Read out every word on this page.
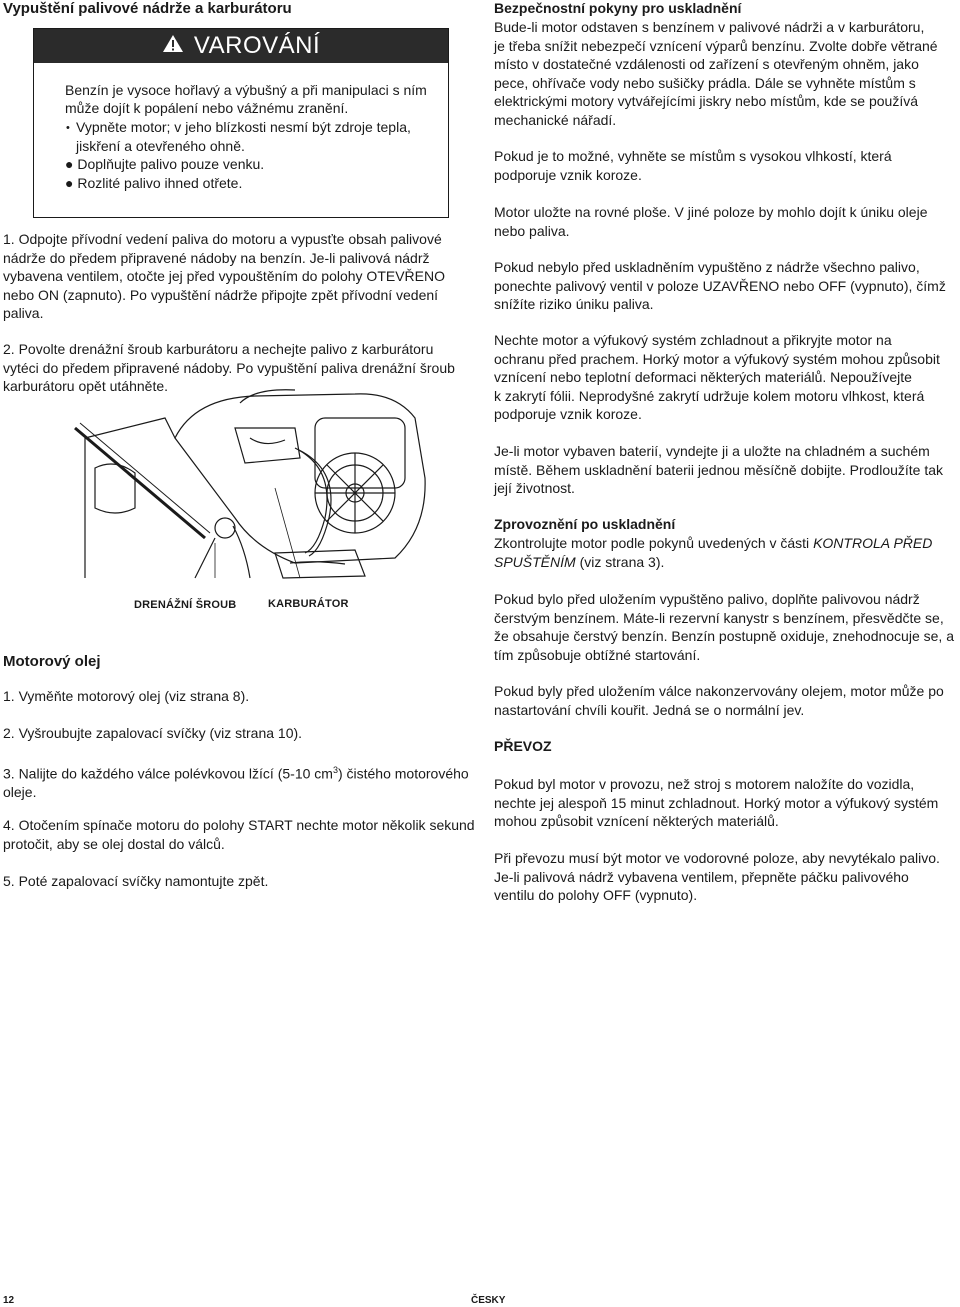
Vypuštění palivové nádrže a karburátoru
VAROVÁNÍ
Benzín je vysoce hořlavý a výbušný a při manipulaci s ním
může dojít k popálení nebo vážnému zranění.
• Vypněte motor; v jeho blízkosti nesmí být zdroje tepla,
jiskření a otevřeného ohně.
● Doplňujte palivo pouze venku.
● Rozlité palivo ihned otřete.
1. Odpojte přívodní vedení paliva do motoru a vypusťte obsah palivové
nádrže do předem připravené nádoby na benzín. Je-li palivová nádrž
vybavena ventilem, otočte jej před vypouštěním do polohy OTEVŘENO
nebo ON (zapnuto). Po vypuštění nádrže připojte zpět přívodní vedení
paliva.
2. Povolte drenážní šroub karburátoru a nechejte palivo z karburátoru
vytéci do předem připravené nádoby. Po vypuštění paliva drenážní šroub
karburátoru opět utáhněte.
DRENÁŽNÍ ŠROUB	KARBURÁTOR
Motorový olej
1. Vyměňte motorový olej (viz strana 8).
2. Vyšroubujte zapalovací svíčky (viz strana 10).
3. Nalijte do každého válce polévkovou lžící (5-10 $cm^3$) čistého motorového
oleje.
4. Otočením spínače motoru do polohy START nechte motor několik sekund
protočit, aby se olej dostal do válců.
5. Poté zapalovací svíčky namontujte zpět.
Bezpečnostní pokyny pro uskladnění
Bude-li motor odstaven s benzínem v palivové nádrži a v karburátoru,
je třeba snížit nebezpečí vznícení výparů benzínu. Zvolte dobře větrané
místo v dostatečné vzdálenosti od zařízení s otevřeným ohněm, jako
pece, ohřívače vody nebo sušičky prádla. Dále se vyhněte místům s
elektrickými motory vytvářejícími jiskry nebo místům, kde se používá
mechanické nářadí.
Pokud je to možné, vyhněte se místům s vysokou vlhkostí, která
podporuje vznik koroze.
Motor uložte na rovné ploše. V jiné poloze by mohlo dojít k úniku oleje
nebo paliva.
Pokud nebylo před uskladněním vypuštěno z nádrže všechno palivo,
ponechte palivový ventil v poloze UZAVŘENO nebo OFF (vypnuto), čímž
snížíte riziko úniku paliva.
Nechte motor a výfukový systém zchladnout a přikryjte motor na
ochranu před prachem. Horký motor a výfukový systém mohou způsobit
vznícení nebo teplotní deformaci některých materiálů. Nepoužívejte
k zakrytí fólii. Neprodyšné zakrytí udržuje kolem motoru vlhkost, která
podporuje vznik koroze.
Je-li motor vybaven baterií, vyndejte ji a uložte na chladném a suchém
místě. Během uskladnění baterii jednou měsíčně dobijte. Prodloužíte tak
její životnost.
Zprovoznění po uskladnění
Zkontrolujte motor podle pokynů uvedených v části KONTROLA PŘED
SPUŠTĚNÍM (viz strana 3).
Pokud bylo před uložením vypuštěno palivo, doplňte palivovou nádrž
čerstvým benzínem. Máte-li rezervní kanystr s benzínem, přesvědčte se,
že obsahuje čerstvý benzín. Benzín postupně oxiduje, znehodnocuje se, a
tím způsobuje obtížné startování.
Pokud byly před uložením válce nakonzervovány olejem, motor může po
nastartování chvíli kouřit. Jedná se o normální jev.
PŘEVOZ
Pokud byl motor v provozu, než stroj s motorem naložíte do vozidla,
nechte jej alespoň 15 minut zchladnout. Horký motor a výfukový systém
mohou způsobit vznícení některých materiálů.
Při převozu musí být motor ve vodorovné poloze, aby nevytékalo palivo.
Je-li palivová nádrž vybavena ventilem, přepněte páčku palivového
ventilu do polohy OFF (vypnuto).
12	ČESKY
